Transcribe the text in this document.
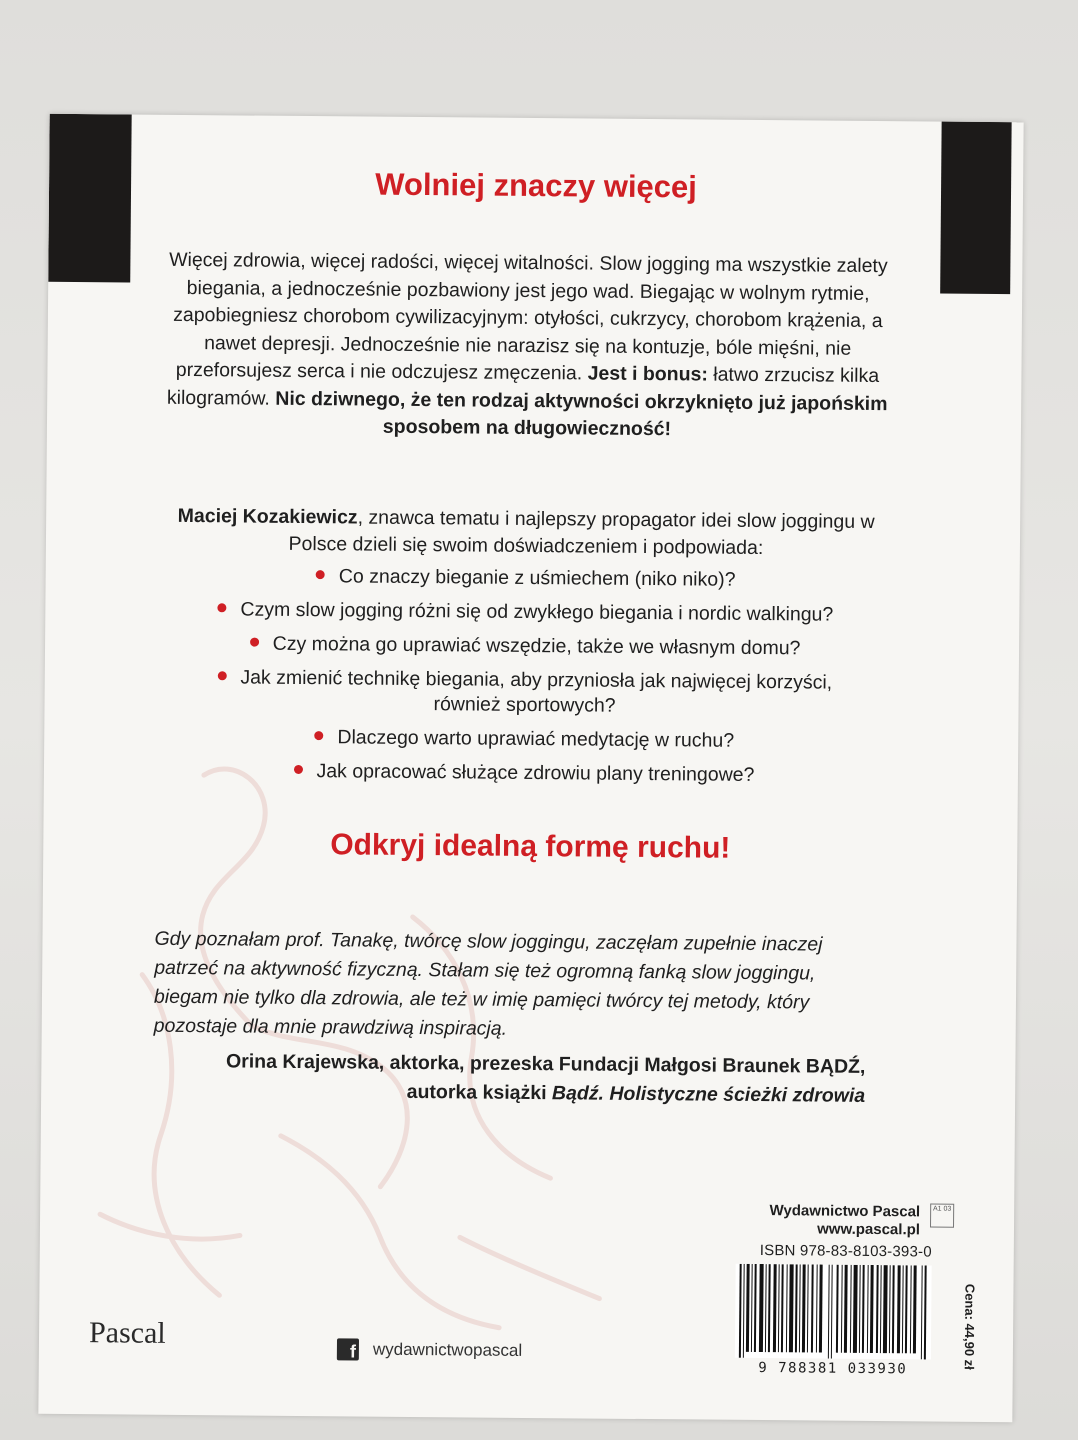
Wolniej znaczy więcej
Więcej zdrowia, więcej radości, więcej witalności. Slow jogging ma wszystkie zalety biegania, a jednocześnie pozbawiony jest jego wad. Biegając w wolnym rytmie, zapobiegniesz chorobom cywilizacyjnym: otyłości, cukrzycy, chorobom krążenia, a nawet depresji. Jednocześnie nie narazisz się na kontuzje, bóle mięśni, nie przeforsujesz serca i nie odczujesz zmęczenia. Jest i bonus: łatwo zrzucisz kilka kilogramów. Nic dziwnego, że ten rodzaj aktywności okrzyknięto już japońskim sposobem na długowieczność!
Maciej Kozakiewicz, znawca tematu i najlepszy propagator idei slow joggingu w Polsce dzieli się swoim doświadczeniem i podpowiada:
Co znaczy bieganie z uśmiechem (niko niko)?
Czym slow jogging różni się od zwykłego biegania i nordic walkingu?
Czy można go uprawiać wszędzie, także we własnym domu?
Jak zmienić technikę biegania, aby przyniosła jak najwięcej korzyści, również sportowych?
Dlaczego warto uprawiać medytację w ruchu?
Jak opracować służące zdrowiu plany treningowe?
Odkryj idealną formę ruchu!

Gdy poznałam prof. Tanakę, twórcę slow joggingu, zaczęłam zupełnie inaczej patrzeć na aktywność fizyczną. Stałam się też ogromną fanką slow joggingu, biegam nie tylko dla zdrowia, ale też w imię pamięci twórcy tej metody, który pozostaje dla mnie prawdziwą inspiracją.

Orina Krajewska, aktorka, prezeska Fundacji Małgosi Braunek BĄDŹ,
autorka książki Bądź. Holistyczne ścieżki zdrowia
Wydawnictwo Pascal
www.pascal.pl
A1 03
ISBN 978-83-8103-393-0
9 788381 033930	Cena: 44,90 zł
Pascal
f wydawnictwopascal
